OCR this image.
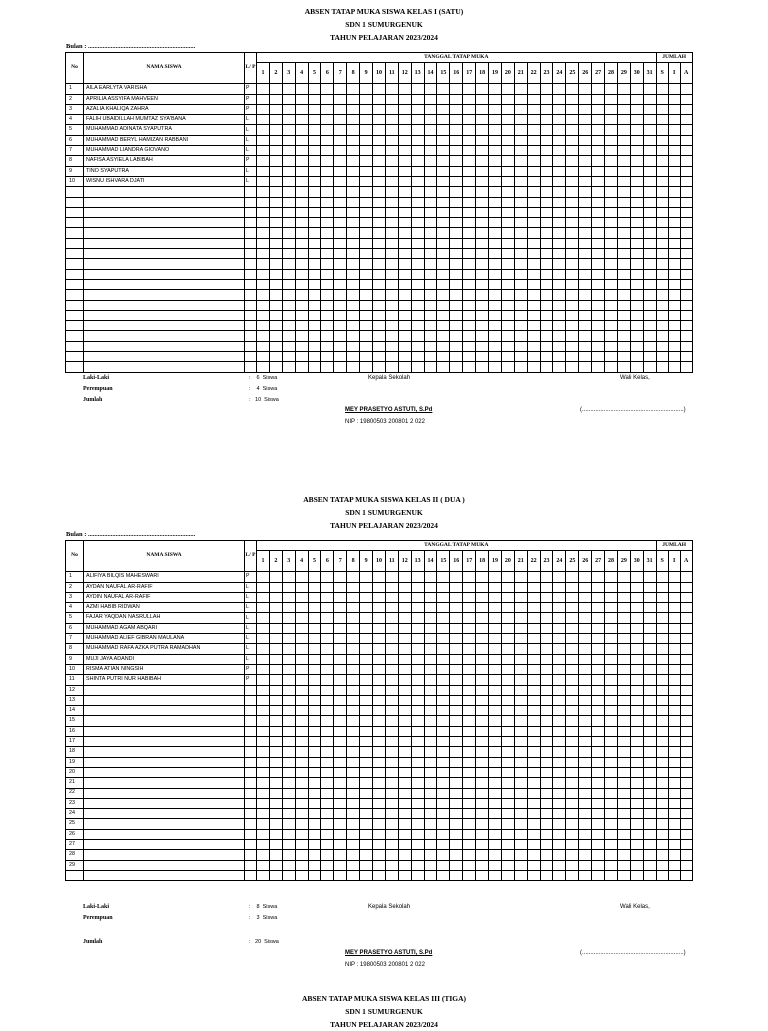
ABSEN TATAP MUKA SISWA KELAS I (SATU)
SDN 1 SUMURGENUK
TAHUN PELAJARAN 2023/2024
Bulan : ..................................................................
No	NAMA SISWA	L/ P	TANGGAL TATAP MUKA																															JUMLAH		
			1	2	3	4	5	6	7	8	9	10	11	12	13	14	15	16	17	18	19	20	21	22	23	24	25	26	27	28	29	30	31	S	I	A
1	AILA EARLYTA VARISHA	P																																		
2	APRILIA ASSYIFA MAHVEEN	P																																		
3	AZALIA KHALIQA ZAHRA	P																																		
4	FALIH UBAIDILLAH MUMTAZ SYA'BANA	L																																		
5	MUHAMMAD ADINATA SYAPUTRA	L																																		
6	MUHAMMAD BERYL HAMIZAN RABBANI	L																																		
7	MUHAMMAD LIANDRA GIOVANO	L																																		
8	NAFISA ASYIELA LABIBAH	P																																		
9	TINO SYAPUTRA	L																																		
10	WISNU ISHVARA DJATI	L																																		

Laki-Laki	: 6 Siswa
Perempuan	: 4 Siswa
Jumlah	: 10 Siswa
Kepala Sekolah	Wali Kelas,
MEY PRASETYO ASTUTI, S.Pd	(.............................................................)
NIP : 19800503 200801 2 022
ABSEN TATAP MUKA SISWA KELAS II ( DUA )
SDN 1 SUMURGENUK
TAHUN PELAJARAN 2023/2024
Bulan : ..................................................................
No	NAMA SISWA	L/ P	TANGGAL TATAP MUKA																															JUMLAH		
			1	2	3	4	5	6	7	8	9	10	11	12	13	14	15	16	17	18	19	20	21	22	23	24	25	26	27	28	29	30	31	S	I	A
1	ALIFIYA BILQIS MAHESWARI	P																																		
2	AYDAN NAUFAL AR-RAFIF	L																																		
3	AYDIN NAUFAL AR-RAFIF	L																																		
4	AZMI HABIB RIDWAN	L																																		
5	FAJAR YAQDAN NASRULLAH	L																																		
6	MUHAMMAD AGAM ABQARI	L																																		
7	MUHAMMAD ALIEF GIBRAN MAULANA	L																																		
8	MUHAMMAD RAFA AZKA PUTRA RAMADHAN	L																																		
9	MUJI JAYA ADANDI	L																																		
10	RISMA ATIAN NINGSIH	P																																		
11	SHINTA PUTRI NUR HABIBAH	P																																		
12																																				
13																																				
14																																				
15																																				
16																																				
17																																				
18																																				
19																																				
20																																				
21																																				
22																																				
23																																				
24																																				
25																																				
26																																				
27																																				
28																																				
29																																				

Laki-Laki	: 8 Siswa
Perempuan	: 3 Siswa
Jumlah	: 20 Siswa
Kepala Sekolah	Wali Kelas,
MEY PRASETYO ASTUTI, S.Pd	(.............................................................)
NIP : 19800503 200801 2 022
ABSEN TATAP MUKA SISWA KELAS III (TIGA)
SDN 1 SUMURGENUK
TAHUN PELAJARAN 2023/2024
